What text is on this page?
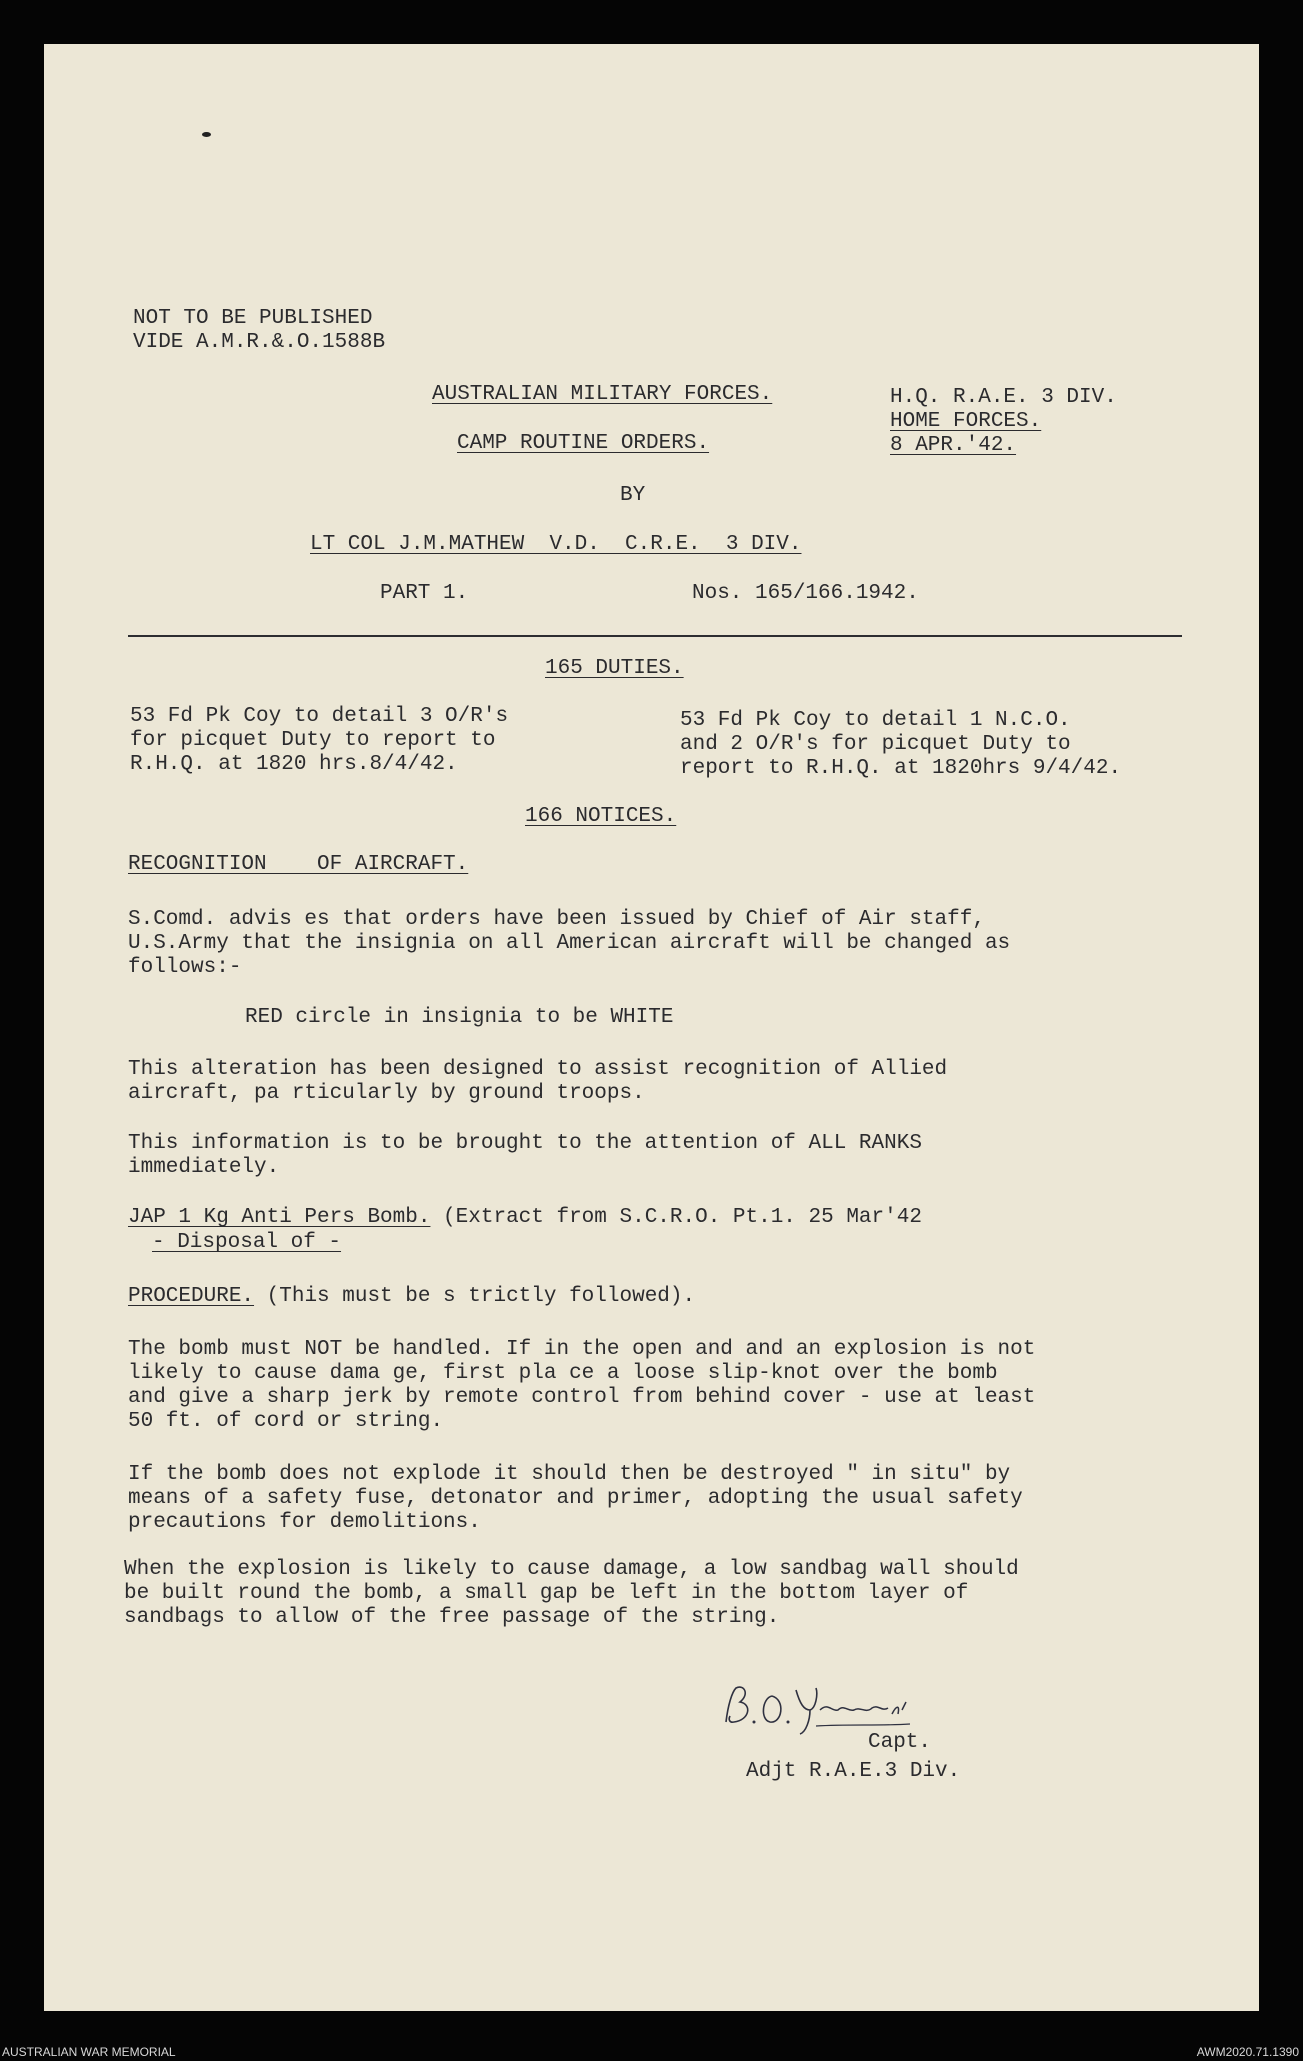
NOT TO BE PUBLISHED

VIDE A.M.R.&.O.1588B

AUSTRALIAN MILITARY FORCES.

CAMP ROUTINE ORDERS.

H.Q. R.A.E. 3 DIV.

HOME FORCES.

8 APR.'42.

BY

LT COL J.M.MATHEW  V.D.  C.R.E.  3 DIV.

PART 1.	Nos. 165/166.1942.

165 DUTIES.

53 Fd Pk Coy to detail 3 O/R's

for picquet Duty to report to

R.H.Q. at 1820 hrs.8/4/42.

53 Fd Pk Coy to detail 1 N.C.O.

and 2 O/R's for picquet Duty to

report to R.H.Q. at 1820hrs 9/4/42.

166 NOTICES.

RECOGNITION    OF AIRCRAFT.

S.Comd. advis es that orders have been issued by Chief of Air staff,

U.S.Army that the insignia on all American aircraft will be changed as

follows:-

RED circle in insignia to be WHITE

This alteration has been designed to assist recognition of Allied

aircraft, pa rticularly by ground troops.

This information is to be brought to the attention of ALL RANKS

immediately.

JAP 1 Kg Anti Pers Bomb. (Extract from S.C.R.O. Pt.1. 25 Mar'42

- Disposal of -

PROCEDURE. (This must be s trictly followed).

The bomb must NOT be handled. If in the open and and an explosion is not

likely to cause dama ge, first pla ce a loose slip-knot over the bomb

and give a sharp jerk by remote control from behind cover - use at least

50 ft. of cord or string.

If the bomb does not explode it should then be destroyed " in situ" by

means of a safety fuse, detonator and primer, adopting the usual safety

precautions for demolitions.

When the explosion is likely to cause damage, a low sandbag wall should

be built round the bomb, a small gap be left in the bottom layer of

sandbags to allow of the free passage of the string.

Capt.

Adjt R.A.E.3 Div.

AUSTRALIAN WAR MEMORIAL	AWM2020.71.1390
